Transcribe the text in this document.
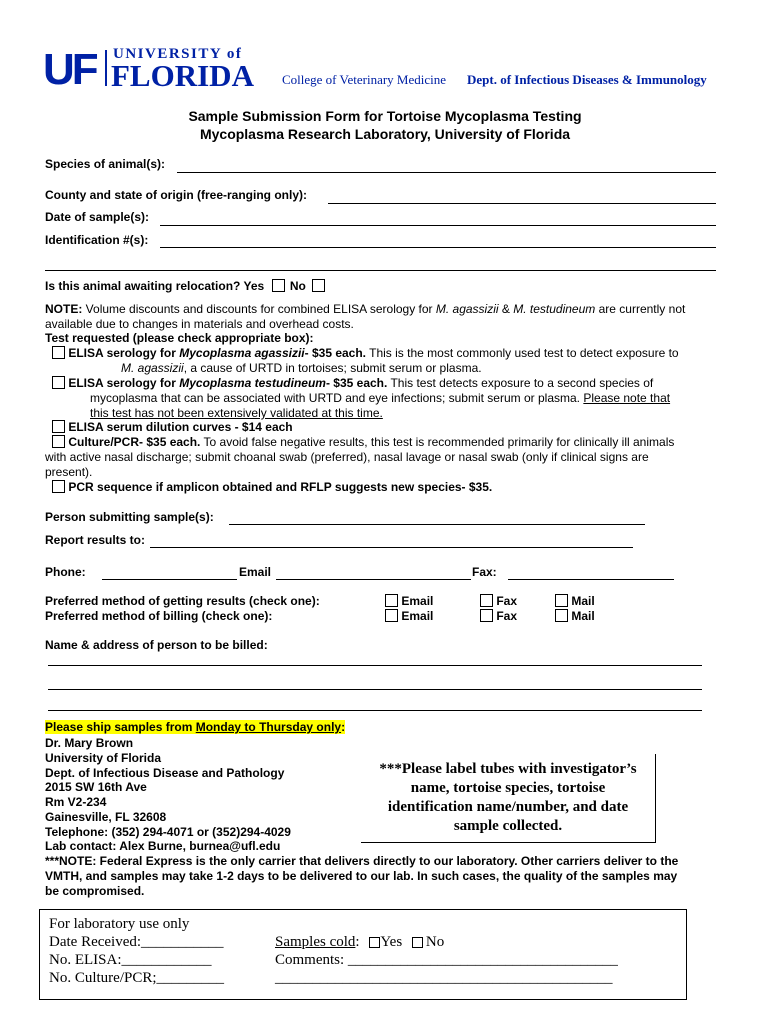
UF UNIVERSITY of
FLORIDA College of Veterinary Medicine Dept. of Infectious Diseases & Immunology
Sample Submission Form for Tortoise Mycoplasma Testing
Mycoplasma Research Laboratory, University of Florida
Species of animal(s):
County and state of origin (free-ranging only):
Date of sample(s):
Identification #(s):
Is this animal awaiting relocation? Yes No
NOTE: Volume discounts and discounts for combined ELISA serology for M. agassizii & M. testudineum are currently not
available due to changes in materials and overhead costs.
Test requested (please check appropriate box):
ELISA serology for Mycoplasma agassizii- $35 each. This is the most commonly used test to detect exposure to
M. agassizii, a cause of URTD in tortoises; submit serum or plasma.
ELISA serology for Mycoplasma testudineum- $35 each. This test detects exposure to a second species of
mycoplasma that can be associated with URTD and eye infections; submit serum or plasma. Please note that
this test has not been extensively validated at this time.
ELISA serum dilution curves - $14 each
Culture/PCR- $35 each. To avoid false negative results, this test is recommended primarily for clinically ill animals
with active nasal discharge; submit choanal swab (preferred), nasal lavage or nasal swab (only if clinical signs are
present).
PCR sequence if amplicon obtained and RFLP suggests new species- $35.
Person submitting sample(s):
Report results to:
Phone:	Email	Fax:
Preferred method of getting results (check one):	Email	Fax	Mail
Preferred method of billing (check one):	Email	Fax	Mail
Name & address of person to be billed:
Please ship samples from Monday to Thursday only:
Dr. Mary Brown
University of Florida
Dept. of Infectious Disease and Pathology
2015 SW 16th Ave
Rm V2-234
Gainesville, FL 32608
Telephone: (352) 294-4071 or (352)294-4029
Lab contact: Alex Burne, burnea@ufl.edu
***Please label tubes with investigator’s
name, tortoise species, tortoise
identification name/number, and date
sample collected.
***NOTE: Federal Express is the only carrier that delivers directly to our laboratory. Other carriers deliver to the
VMTH, and samples may take 1-2 days to be delivered to our lab. In such cases, the quality of the samples may
be compromised.
For laboratory use only
Date Received:___________
No. ELISA:____________
No. Culture/PCR;_________
Samples cold: Yes No
Comments: ____________________________________
_____________________________________________
